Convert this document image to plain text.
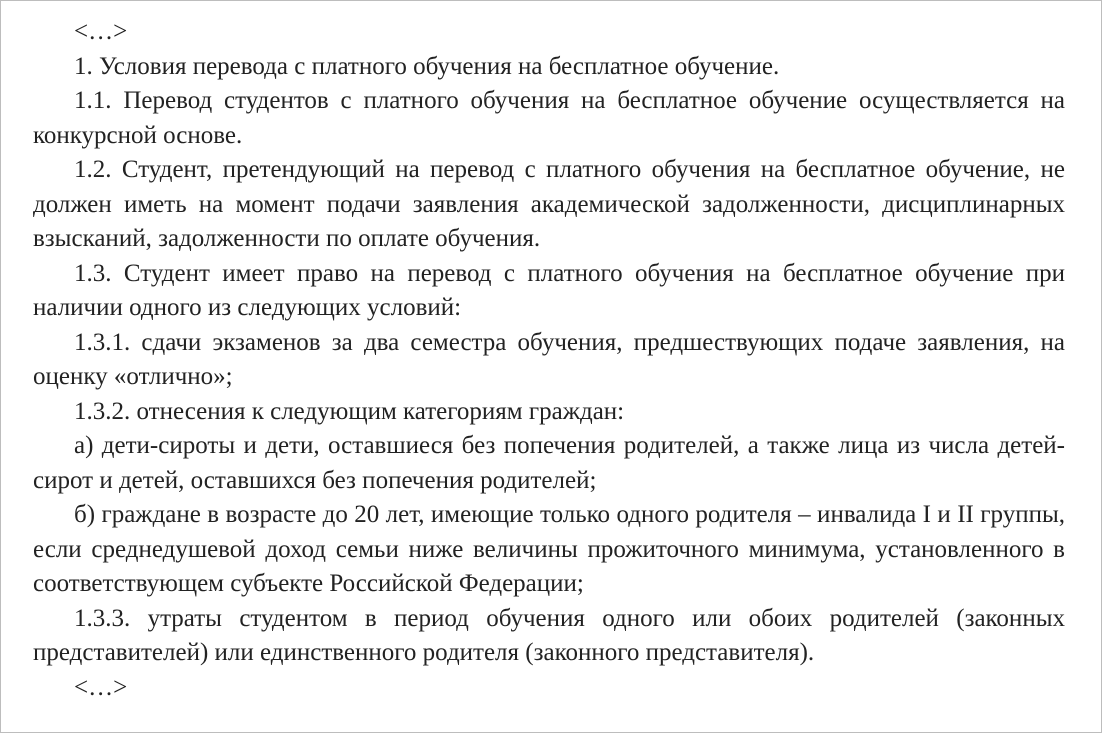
<…>

1. Условия перевода с платного обучения на бесплатное обучение.

1.1. Перевод студентов с платного обучения на бесплатное обучение осуществляется на конкурсной основе.

1.2. Студент, претендующий на перевод с платного обучения на бесплатное обучение, не должен иметь на момент подачи заявления академической задолженности, дисциплинарных взысканий, задолженности по оплате обучения.

1.3. Студент имеет право на перевод с платного обучения на бесплатное обучение при наличии одного из следующих условий:

1.3.1. сдачи экзаменов за два семестра обучения, предшествующих подаче заявления, на оценку «отлично»;

1.3.2. отнесения к следующим категориям граждан:

а) дети-сироты и дети, оставшиеся без попечения родителей, а также лица из числа детей-сирот и детей, оставшихся без попечения родителей;

б) граждане в возрасте до 20 лет, имеющие только одного родителя – инвалида I и II группы, если среднедушевой доход семьи ниже величины прожиточного минимума, установленного в соответствующем субъекте Российской Федерации;

1.3.3. утраты студентом в период обучения одного или обоих родителей (законных представителей) или единственного родителя (законного представителя).

<…>
